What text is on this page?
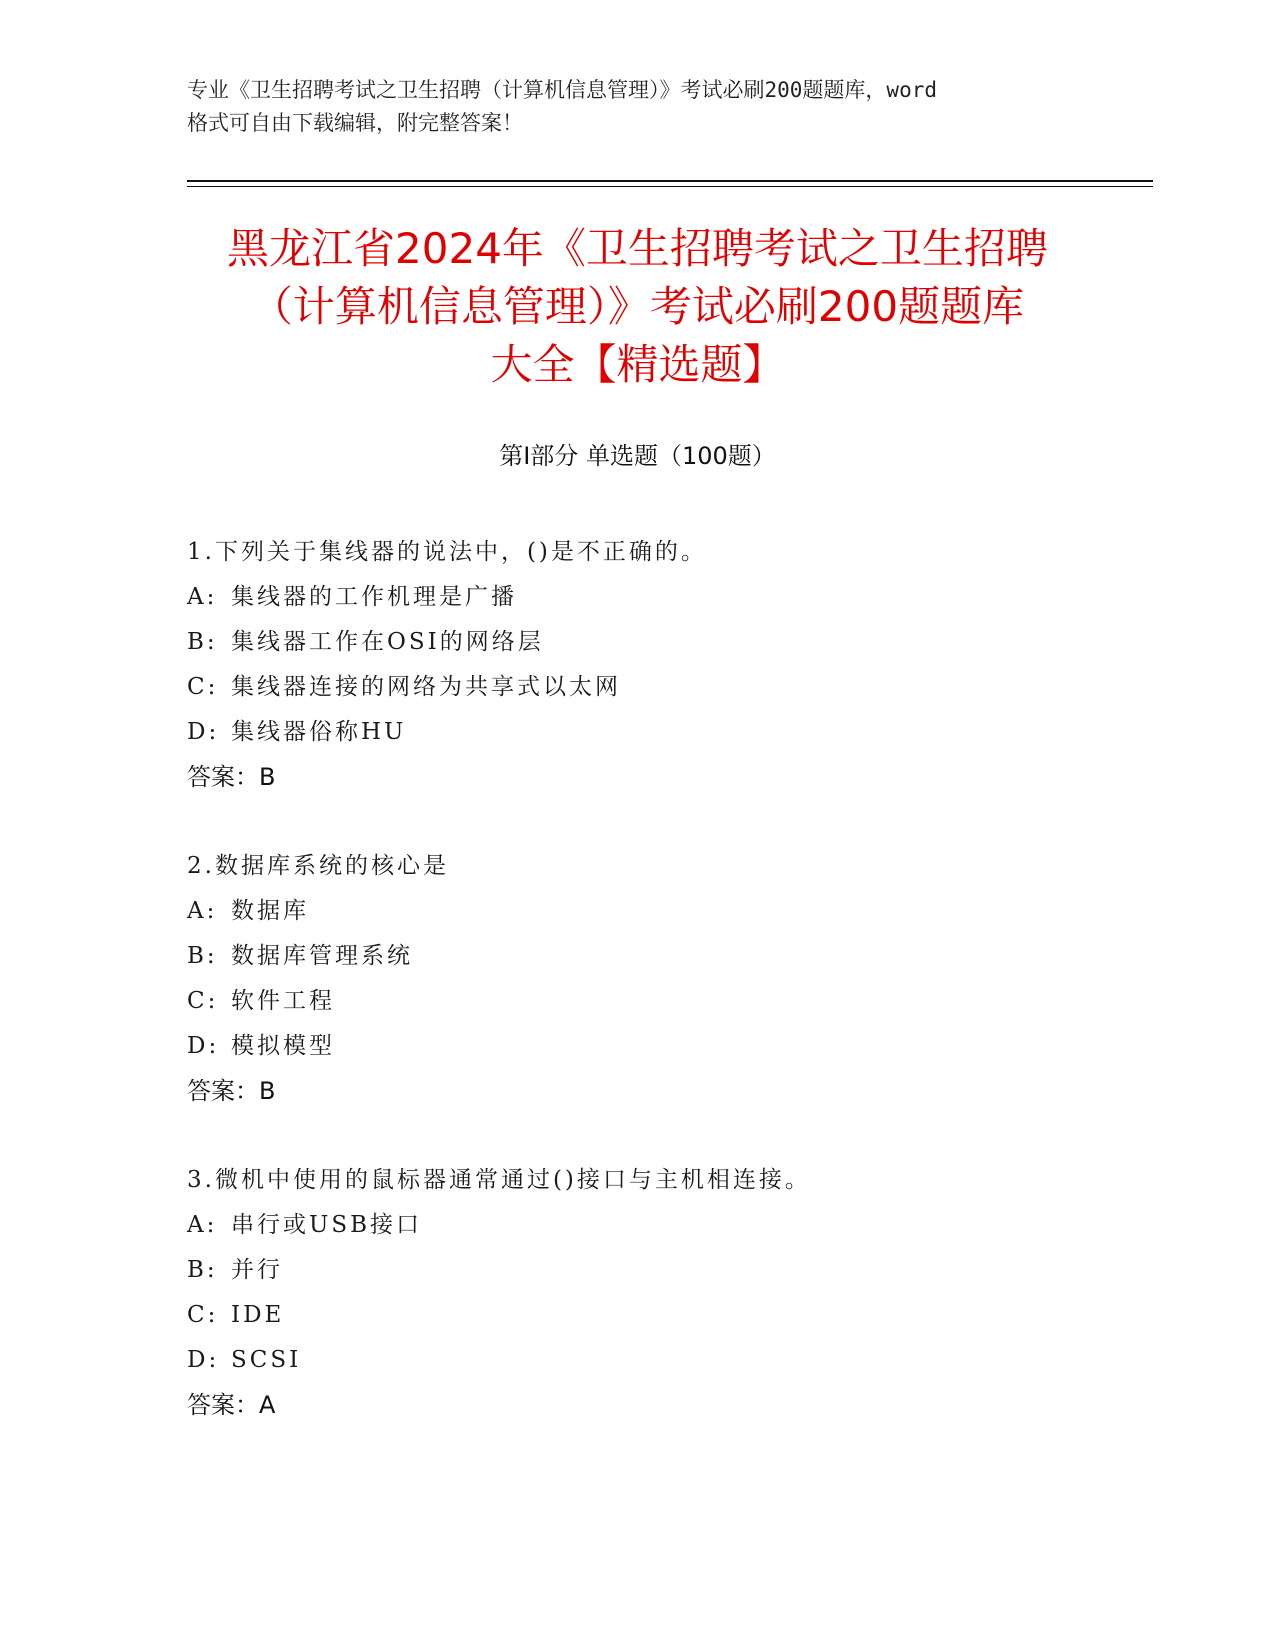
专业《卫生招聘考试之卫生招聘（计算机信息管理）》考试必刷200题题库，word
格式可自由下载编辑，附完整答案！
黑龙江省2024年《卫生招聘考试之卫生招聘
（计算机信息管理）》考试必刷200题题库
大全【精选题】
第Ⅰ部分 单选题（100题）
1.下列关于集线器的说法中，()是不正确的。
A: 集线器的工作机理是广播
B: 集线器工作在OSI的网络层
C: 集线器连接的网络为共享式以太网
D: 集线器俗称HU
答案：B
2.数据库系统的核心是
A: 数据库
B: 数据库管理系统
C: 软件工程
D: 模拟模型
答案：B
3.微机中使用的鼠标器通常通过()接口与主机相连接。
A: 串行或USB接口
B: 并行
C: IDE
D: SCSI
答案：A
